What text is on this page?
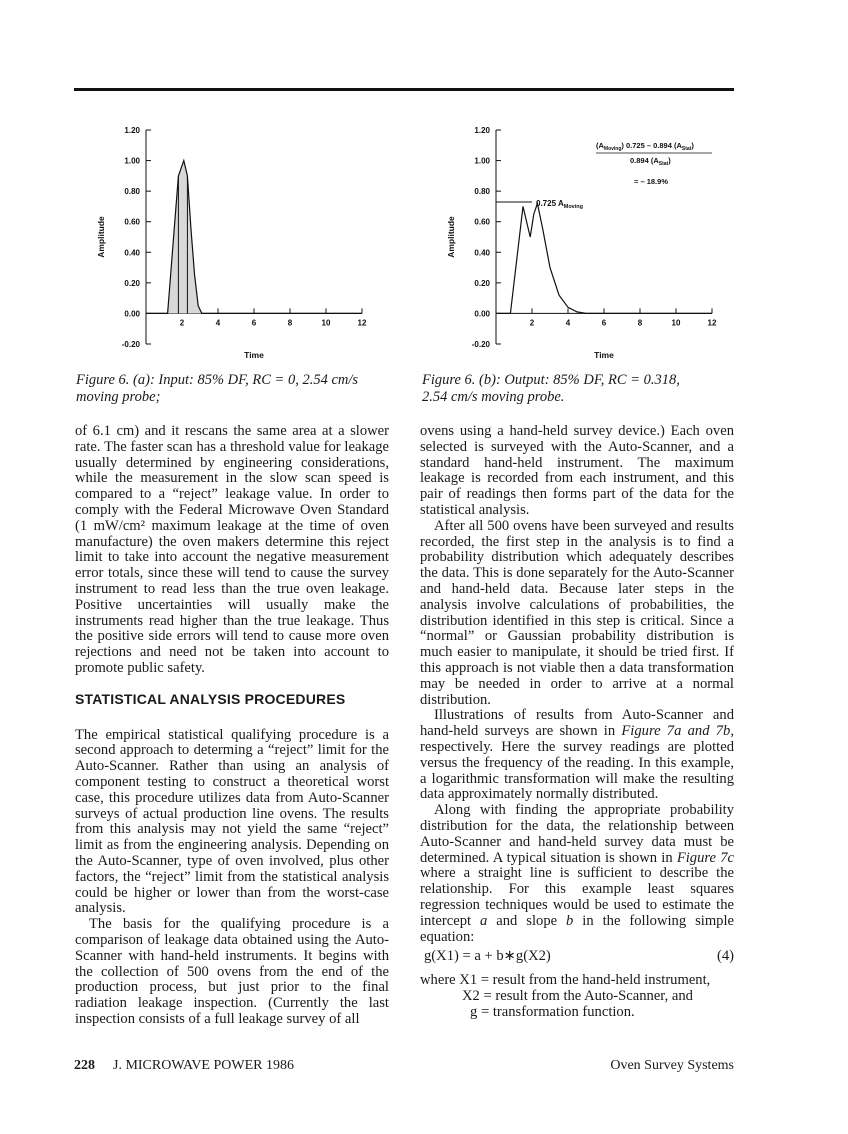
1.20
1.00
0.80
0.60
0.40
0.20
0.00
-0.20
2	4	6	8	10	12
Amplitude
Time
Figure 6. (a): Input: 85% DF, RC = 0, 2.54 cm/s
moving probe;
1.20
1.00
0.80
0.60
0.40
0.20
0.00
-0.20
2	4	6	8	10	12
Amplitude
Time
0.725 $A_{Moving}$
$(A_{Moving})$ 0.725 – 0.894 $(A_{Stat})$
0.894 $(A_{Stat})$
= – 18.9%
Figure 6. (b): Output: 85% DF, RC = 0.318,
2.54 cm/s moving probe.

of 6.1 cm) and it rescans the same area at a slower rate. The faster scan has a threshold value for leakage usually determined by engineering considerations, while the measurement in the slow scan speed is compared to a “reject” leakage value. In order to comply with the Federal Microwave Oven Standard (1 mW/cm² maximum leakage at the time of oven manufacture) the oven makers determine this reject limit to take into account the negative measurement error totals, since these will tend to cause the survey instrument to read less than the true oven leakage. Positive uncertainties will usually make the instruments read higher than the true leakage. Thus the positive side errors will tend to cause more oven rejections and need not be taken into account to promote public safety.

STATISTICAL ANALYSIS PROCEDURES

The empirical statistical qualifying procedure is a second approach to determing a “reject” limit for the Auto-Scanner. Rather than using an analysis of component testing to construct a theoretical worst case, this procedure utilizes data from Auto-Scanner surveys of actual production line ovens. The results from this analysis may not yield the same “reject” limit as from the engineering analysis. Depending on the Auto-Scanner, type of oven involved, plus other factors, the “reject” limit from the statistical analysis could be higher or lower than from the worst-case analysis.

The basis for the qualifying procedure is a comparison of leakage data obtained using the Auto-Scanner with hand-held instruments. It begins with the collection of 500 ovens from the end of the production process, but just prior to the final radiation leakage inspection. (Currently the last inspection consists of a full leakage survey of all

ovens using a hand-held survey device.) Each oven selected is surveyed with the Auto-Scanner, and a standard hand-held instrument. The maximum leakage is recorded from each instrument, and this pair of readings then forms part of the data for the statistical analysis.

After all 500 ovens have been surveyed and results recorded, the first step in the analysis is to find a probability distribution which adequately describes the data. This is done separately for the Auto-Scanner and hand-held data. Because later steps in the analysis involve calculations of probabilities, the distribution identified in this step is critical. Since a “normal” or Gaussian probability distribution is much easier to manipulate, it should be tried first. If this approach is not viable then a data transformation may be needed in order to arrive at a normal distribution.

Illustrations of results from Auto-Scanner and hand-held surveys are shown in Figure 7a and 7b, respectively. Here the survey readings are plotted versus the frequency of the reading. In this example, a logarithmic transformation will make the resulting data approximately normally distributed.

Along with finding the appropriate probability distribution for the data, the relationship between Auto-Scanner and hand-held survey data must be determined. A typical situation is shown in Figure 7c where a straight line is sufficient to describe the relationship. For this example least squares regression techniques would be used to estimate the intercept a and slope b in the following simple equation:

g(X1) = a + b∗g(X2)	(4)

where X1 = result from the hand-held instrument,

X2 = result from the Auto-Scanner, and

g = transformation function.

228 J. MICROWAVE POWER 1986	Oven Survey Systems
